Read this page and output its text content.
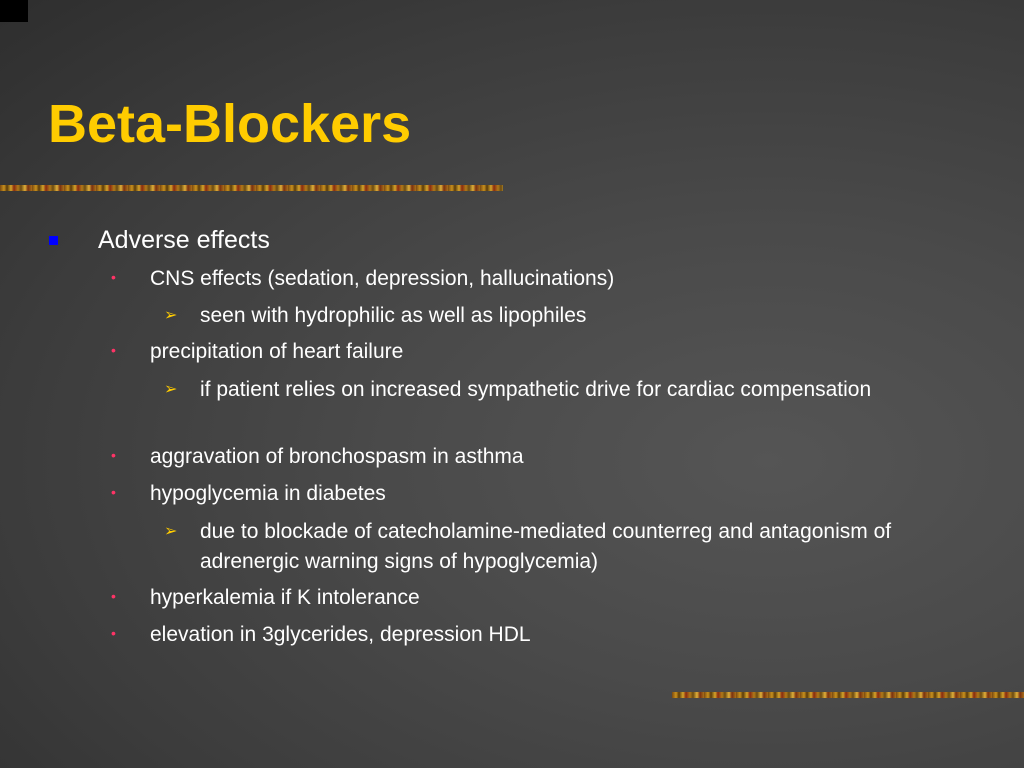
Beta-Blockers
Adverse effects
• CNS effects (sedation, depression, hallucinations)
➢ seen with hydrophilic as well as lipophiles
• precipitation of heart failure
➢ if patient relies on increased sympathetic drive for cardiac compensation
• aggravation of bronchospasm in asthma
• hypoglycemia in diabetes
➢ due to blockade of catecholamine-mediated counterreg and antagonism of adrenergic warning signs of hypoglycemia)
• hyperkalemia if K intolerance
• elevation in 3glycerides, depression HDL
